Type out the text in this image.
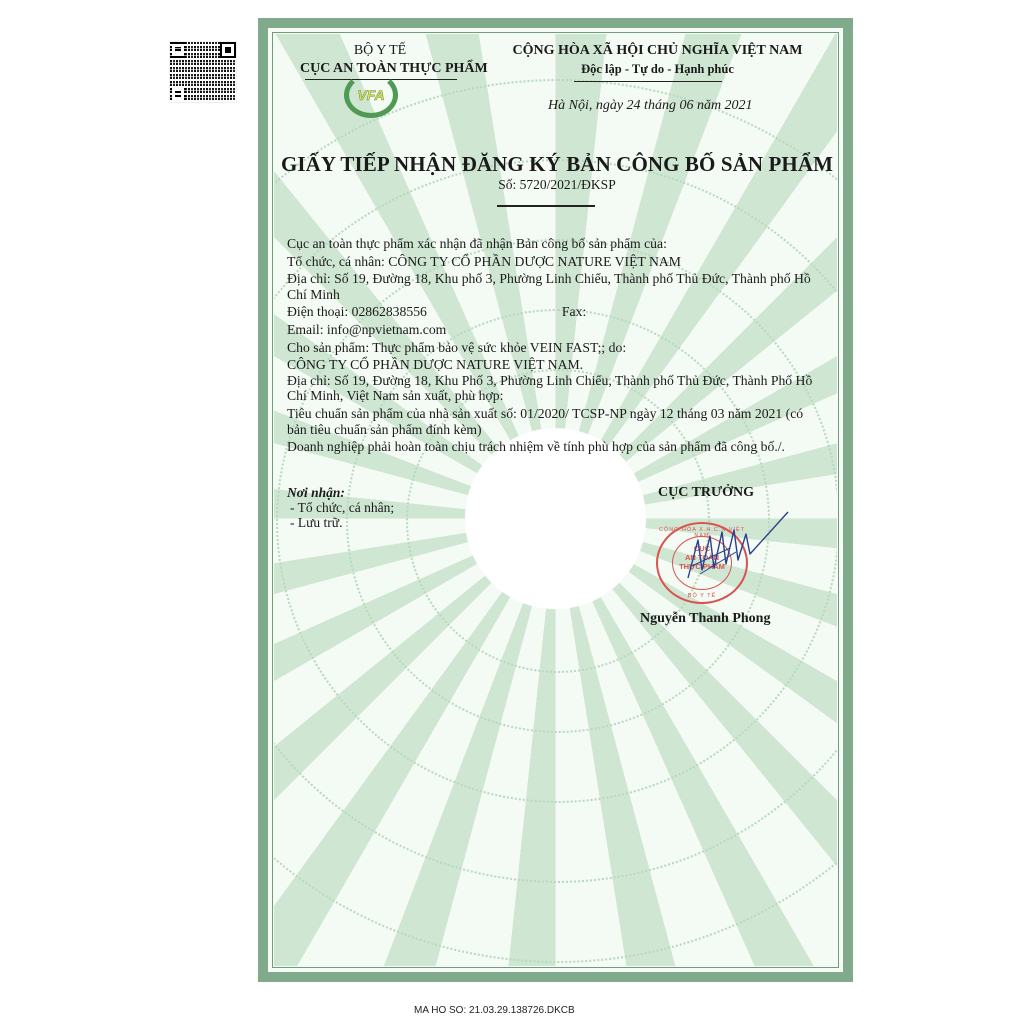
BỘ Y TẾ
CỤC AN TOÀN THỰC PHẨM
VFA
CỘNG HÒA XÃ HỘI CHỦ NGHĨA VIỆT NAM
Độc lập - Tự do - Hạnh phúc
Hà Nội, ngày 24 tháng 06 năm 2021
GIẤY TIẾP NHẬN ĐĂNG KÝ BẢN CÔNG BỐ SẢN PHẨM
Số: 5720/2021/ĐKSP

Cục an toàn thực phẩm xác nhận đã nhận Bản công bố sản phẩm của:

Tổ chức, cá nhân: CÔNG TY CỔ PHẦN DƯỢC NATURE VIỆT NAM

Địa chỉ: Số 19, Đường 18, Khu phố 3, Phường Linh Chiểu, Thành phố Thủ Đức, Thành phố Hồ Chí Minh

Điện thoại: 02862838556	Fax:

Email: info@npvietnam.com

Cho sản phẩm: Thực phẩm bảo vệ sức khỏe VEIN FAST;; do:

CÔNG TY CỔ PHẦN DƯỢC NATURE VIỆT NAM.

Địa chỉ: Số 19, Đường 18, Khu Phố 3, Phường Linh Chiểu, Thành phố Thủ Đức, Thành Phố Hồ Chí Minh, Việt Nam sản xuất, phù hợp:

Tiêu chuẩn sản phẩm của nhà sản xuất số: 01/2020/ TCSP-NP ngày 12 tháng 03 năm 2021 (có bản tiêu chuẩn sản phẩm đính kèm)

Doanh nghiệp phải hoàn toàn chịu trách nhiệm về tính phù hợp của sản phẩm đã công bố./.

Nơi nhận:
- Tổ chức, cá nhân;
- Lưu trữ.
CỤC TRƯỞNG
CỘNG HÒA X.H.C.N VIỆT NAM
CỤC
AN TOÀN
THỰC PHẨM
BỘ Y TẾ
Nguyễn Thanh Phong
MA HO SO: 21.03.29.138726.DKCB
